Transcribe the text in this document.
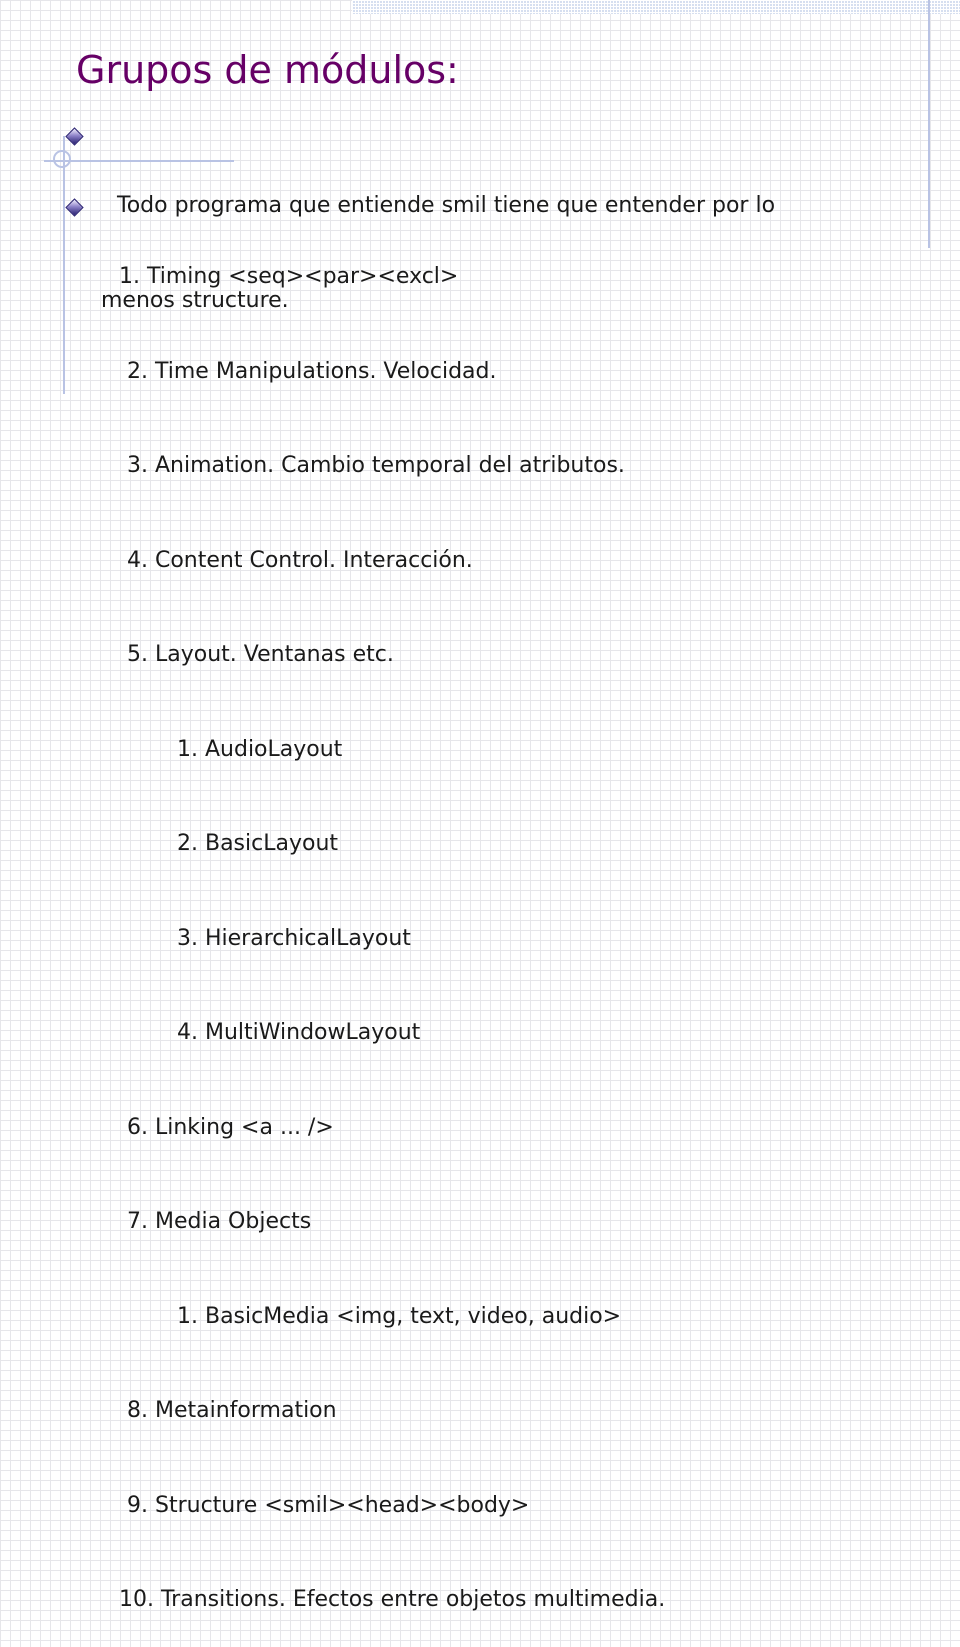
Grupos de módulos:

Todo programa que entiende smil tiene que entender por lo

menos structure.

1. Timing <seq><par><excl>

2. Time Manipulations. Velocidad.

3. Animation. Cambio temporal del atributos.

4. Content Control. Interacción.

5. Layout. Ventanas etc.

1. AudioLayout

2. BasicLayout

3. HierarchicalLayout

4. MultiWindowLayout

6. Linking <a ... />

7. Media Objects

1. BasicMedia <img, text, video, audio>

8. Metainformation

9. Structure <smil><head><body>

10. Transitions. Efectos entre objetos multimedia.
